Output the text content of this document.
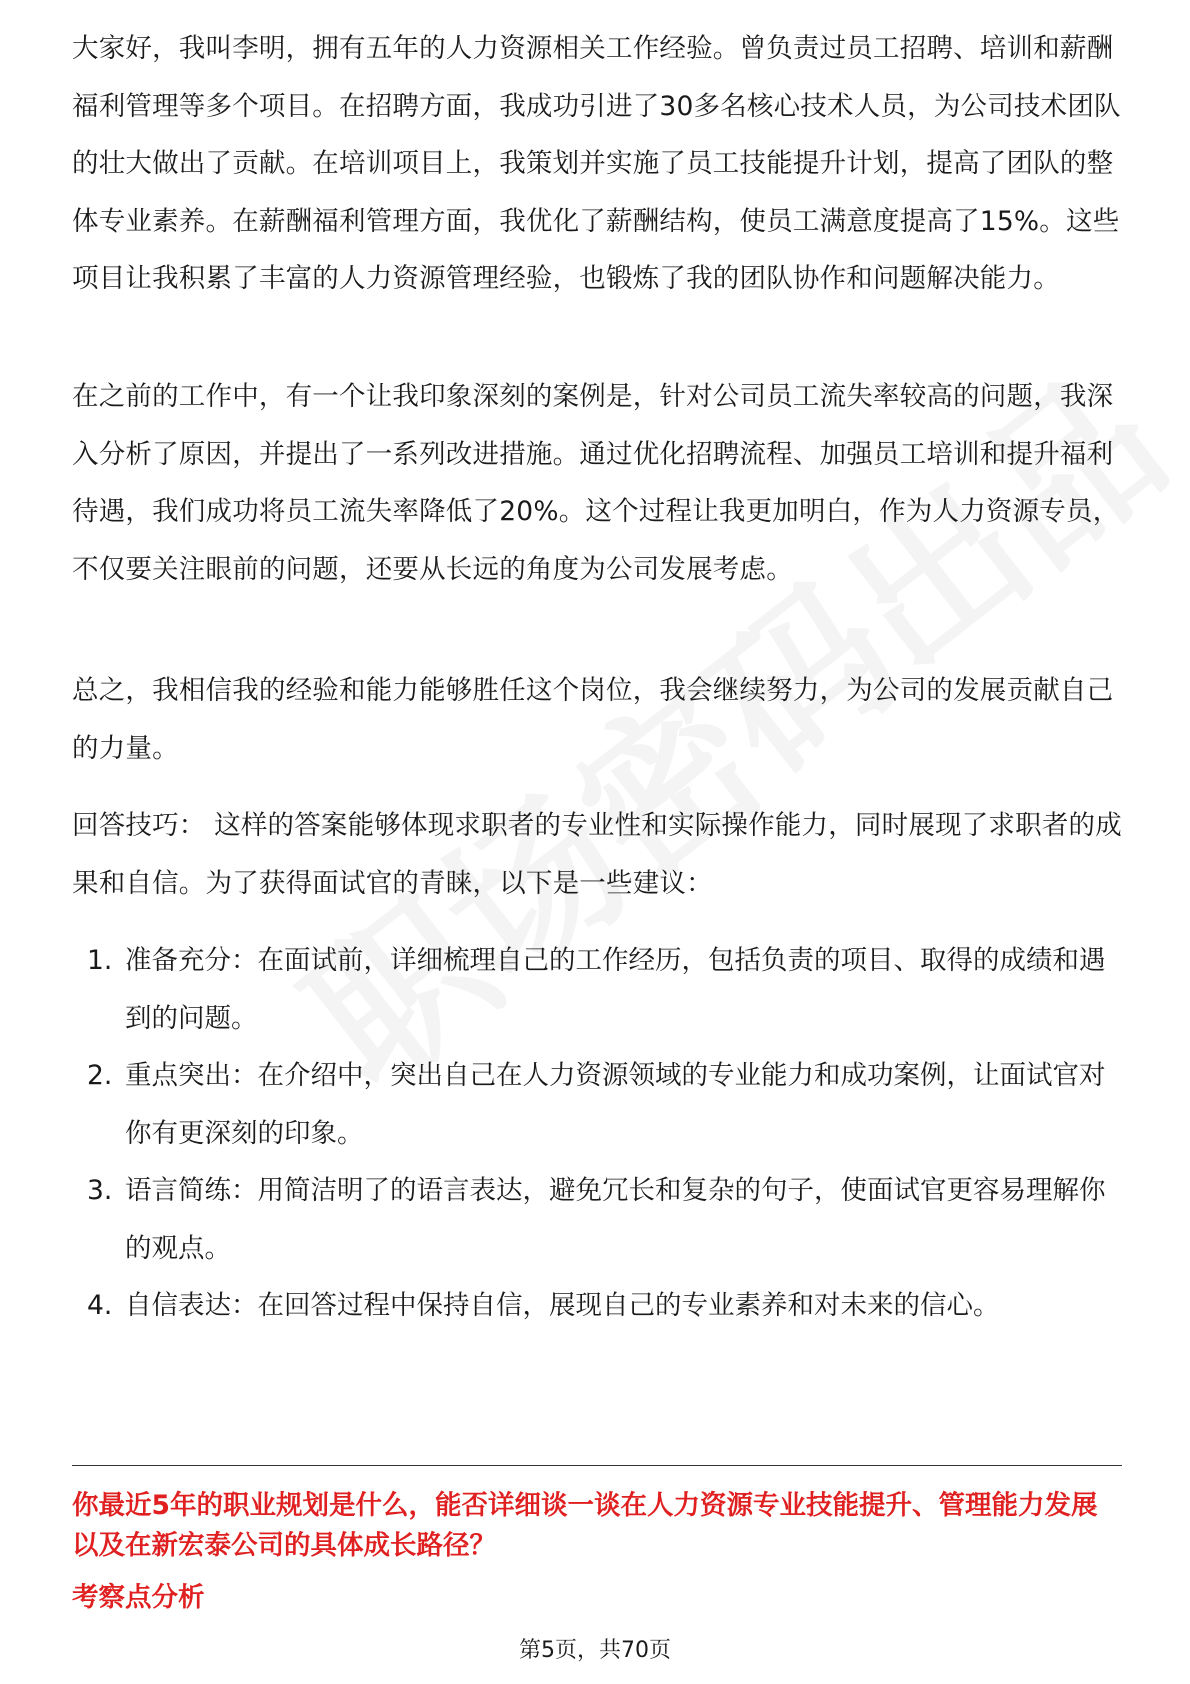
大家好，我叫李明，拥有五年的人力资源相关工作经验。曾负责过员工招聘、培训和薪酬福利管理等多个项目。在招聘方面，我成功引进了30多名核心技术人员，为公司技术团队的壮大做出了贡献。在培训项目上，我策划并实施了员工技能提升计划，提高了团队的整体专业素养。在薪酬福利管理方面，我优化了薪酬结构，使员工满意度提高了15%。这些项目让我积累了丰富的人力资源管理经验，也锻炼了我的团队协作和问题解决能力。

在之前的工作中，有一个让我印象深刻的案例是，针对公司员工流失率较高的问题，我深入分析了原因，并提出了一系列改进措施。通过优化招聘流程、加强员工培训和提升福利待遇，我们成功将员工流失率降低了20%。这个过程让我更加明白，作为人力资源专员，不仅要关注眼前的问题，还要从长远的角度为公司发展考虑。

总之，我相信我的经验和能力能够胜任这个岗位，我会继续努力，为公司的发展贡献自己的力量。

回答技巧： 这样的答案能够体现求职者的专业性和实际操作能力，同时展现了求职者的成果和自信。为了获得面试官的青睐，以下是一些建议：

1. 准备充分：在面试前，详细梳理自己的工作经历，包括负责的项目、取得的成绩和遇到的问题。
2. 重点突出：在介绍中，突出自己在人力资源领域的专业能力和成功案例，让面试官对你有更深刻的印象。
3. 语言简练：用简洁明了的语言表达，避免冗长和复杂的句子，使面试官更容易理解你的观点。
4. 自信表达：在回答过程中保持自信，展现自己的专业素养和对未来的信心。

你最近5年的职业规划是什么，能否详细谈一谈在人力资源专业技能提升、管理能力发展以及在新宏泰公司的具体成长路径？

考察点分析

第5页，共70页
